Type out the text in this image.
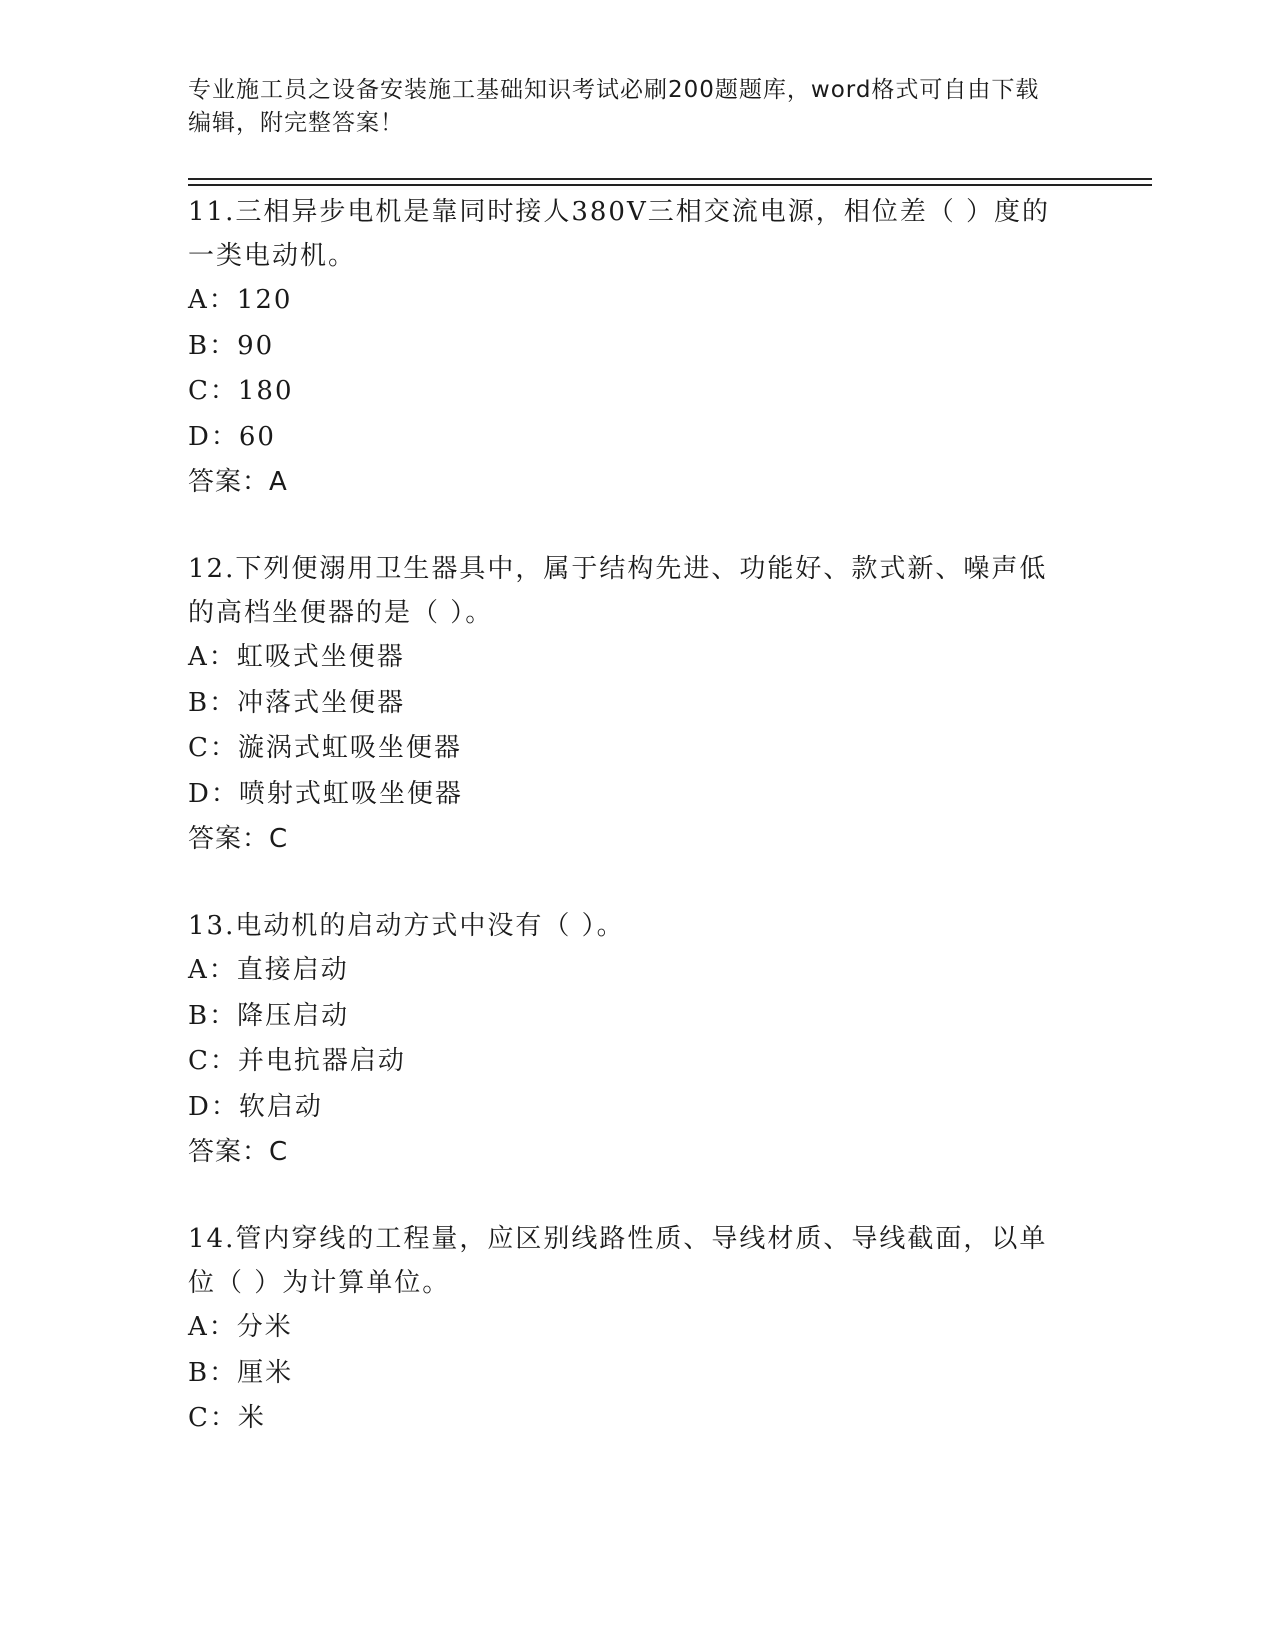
专业施工员之设备安装施工基础知识考试必刷200题题库，word格式可自由下载
编辑，附完整答案！
11.三相异步电机是靠同时接人380V三相交流电源，相位差（ ）度的
一类电动机。
A：120
B：90
C：180
D：60
答案：A
12.下列便溺用卫生器具中，属于结构先进、功能好、款式新、噪声低
的高档坐便器的是（ ）。
A：虹吸式坐便器
B：冲落式坐便器
C：漩涡式虹吸坐便器
D：喷射式虹吸坐便器
答案：C
13.电动机的启动方式中没有（ ）。
A：直接启动
B：降压启动
C：并电抗器启动
D：软启动
答案：C
14.管内穿线的工程量，应区别线路性质、导线材质、导线截面，以单
位（ ）为计算单位。
A：分米
B：厘米
C：米
